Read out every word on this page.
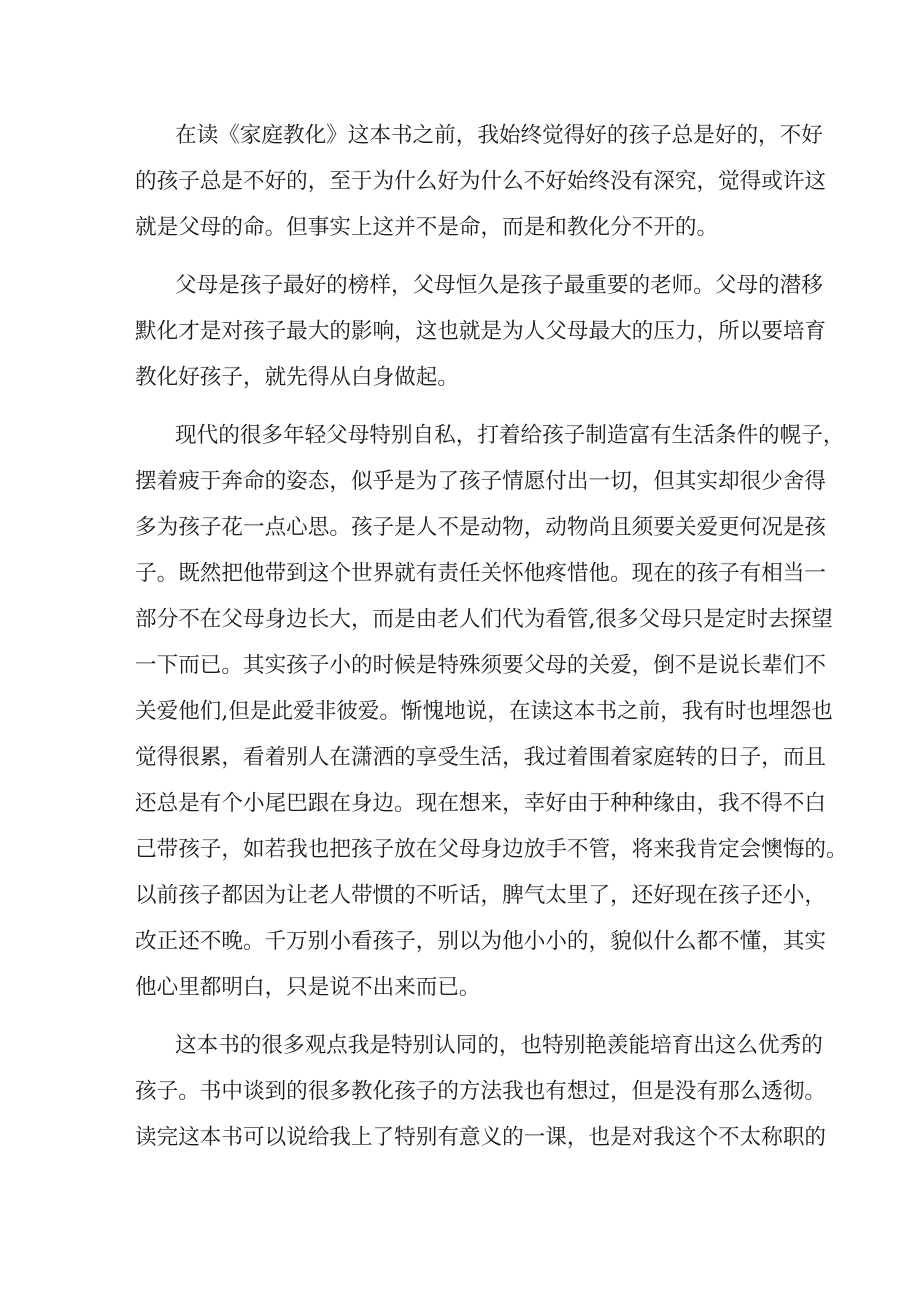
在读《家庭教化》这本书之前，我始终觉得好的孩子总是好的，不好
的孩子总是不好的，至于为什么好为什么不好始终没有深究，觉得或许这
就是父母的命。但事实上这并不是命，而是和教化分不开的。
父母是孩子最好的榜样，父母恒久是孩子最重要的老师。父母的潜移
默化才是对孩子最大的影响，这也就是为人父母最大的压力，所以要培育
教化好孩子，就先得从白身做起。
现代的很多年轻父母特别自私，打着给孩子制造富有生活条件的幌子，
摆着疲于奔命的姿态，似乎是为了孩子情愿付出一切，但其实却很少舍得
多为孩子花一点心思。孩子是人不是动物，动物尚且须要关爱更何况是孩
子。既然把他带到这个世界就有责任关怀他疼惜他。现在的孩子有相当一
部分不在父母身边长大，而是由老人们代为看管,很多父母只是定时去探望
一下而已。其实孩子小的时候是特殊须要父母的关爱，倒不是说长辈们不
关爱他们,但是此爱非彼爱。惭愧地说，在读这本书之前，我有时也埋怨也
觉得很累，看着别人在潇洒的享受生活，我过着围着家庭转的日子，而且
还总是有个小尾巴跟在身边。现在想来，幸好由于种种缘由，我不得不白
己带孩子，如若我也把孩子放在父母身边放手不管，将来我肯定会懊悔的。
以前孩子都因为让老人带惯的不听话，脾气太里了，还好现在孩子还小，
改正还不晚。千万别小看孩子，别以为他小小的，貌似什么都不懂，其实
他心里都明白，只是说不出来而已。
这本书的很多观点我是特别认同的，也特别艳羡能培育出这么优秀的
孩子。书中谈到的很多教化孩子的方法我也有想过，但是没有那么透彻。
读完这本书可以说给我上了特别有意义的一课，也是对我这个不太称职的
